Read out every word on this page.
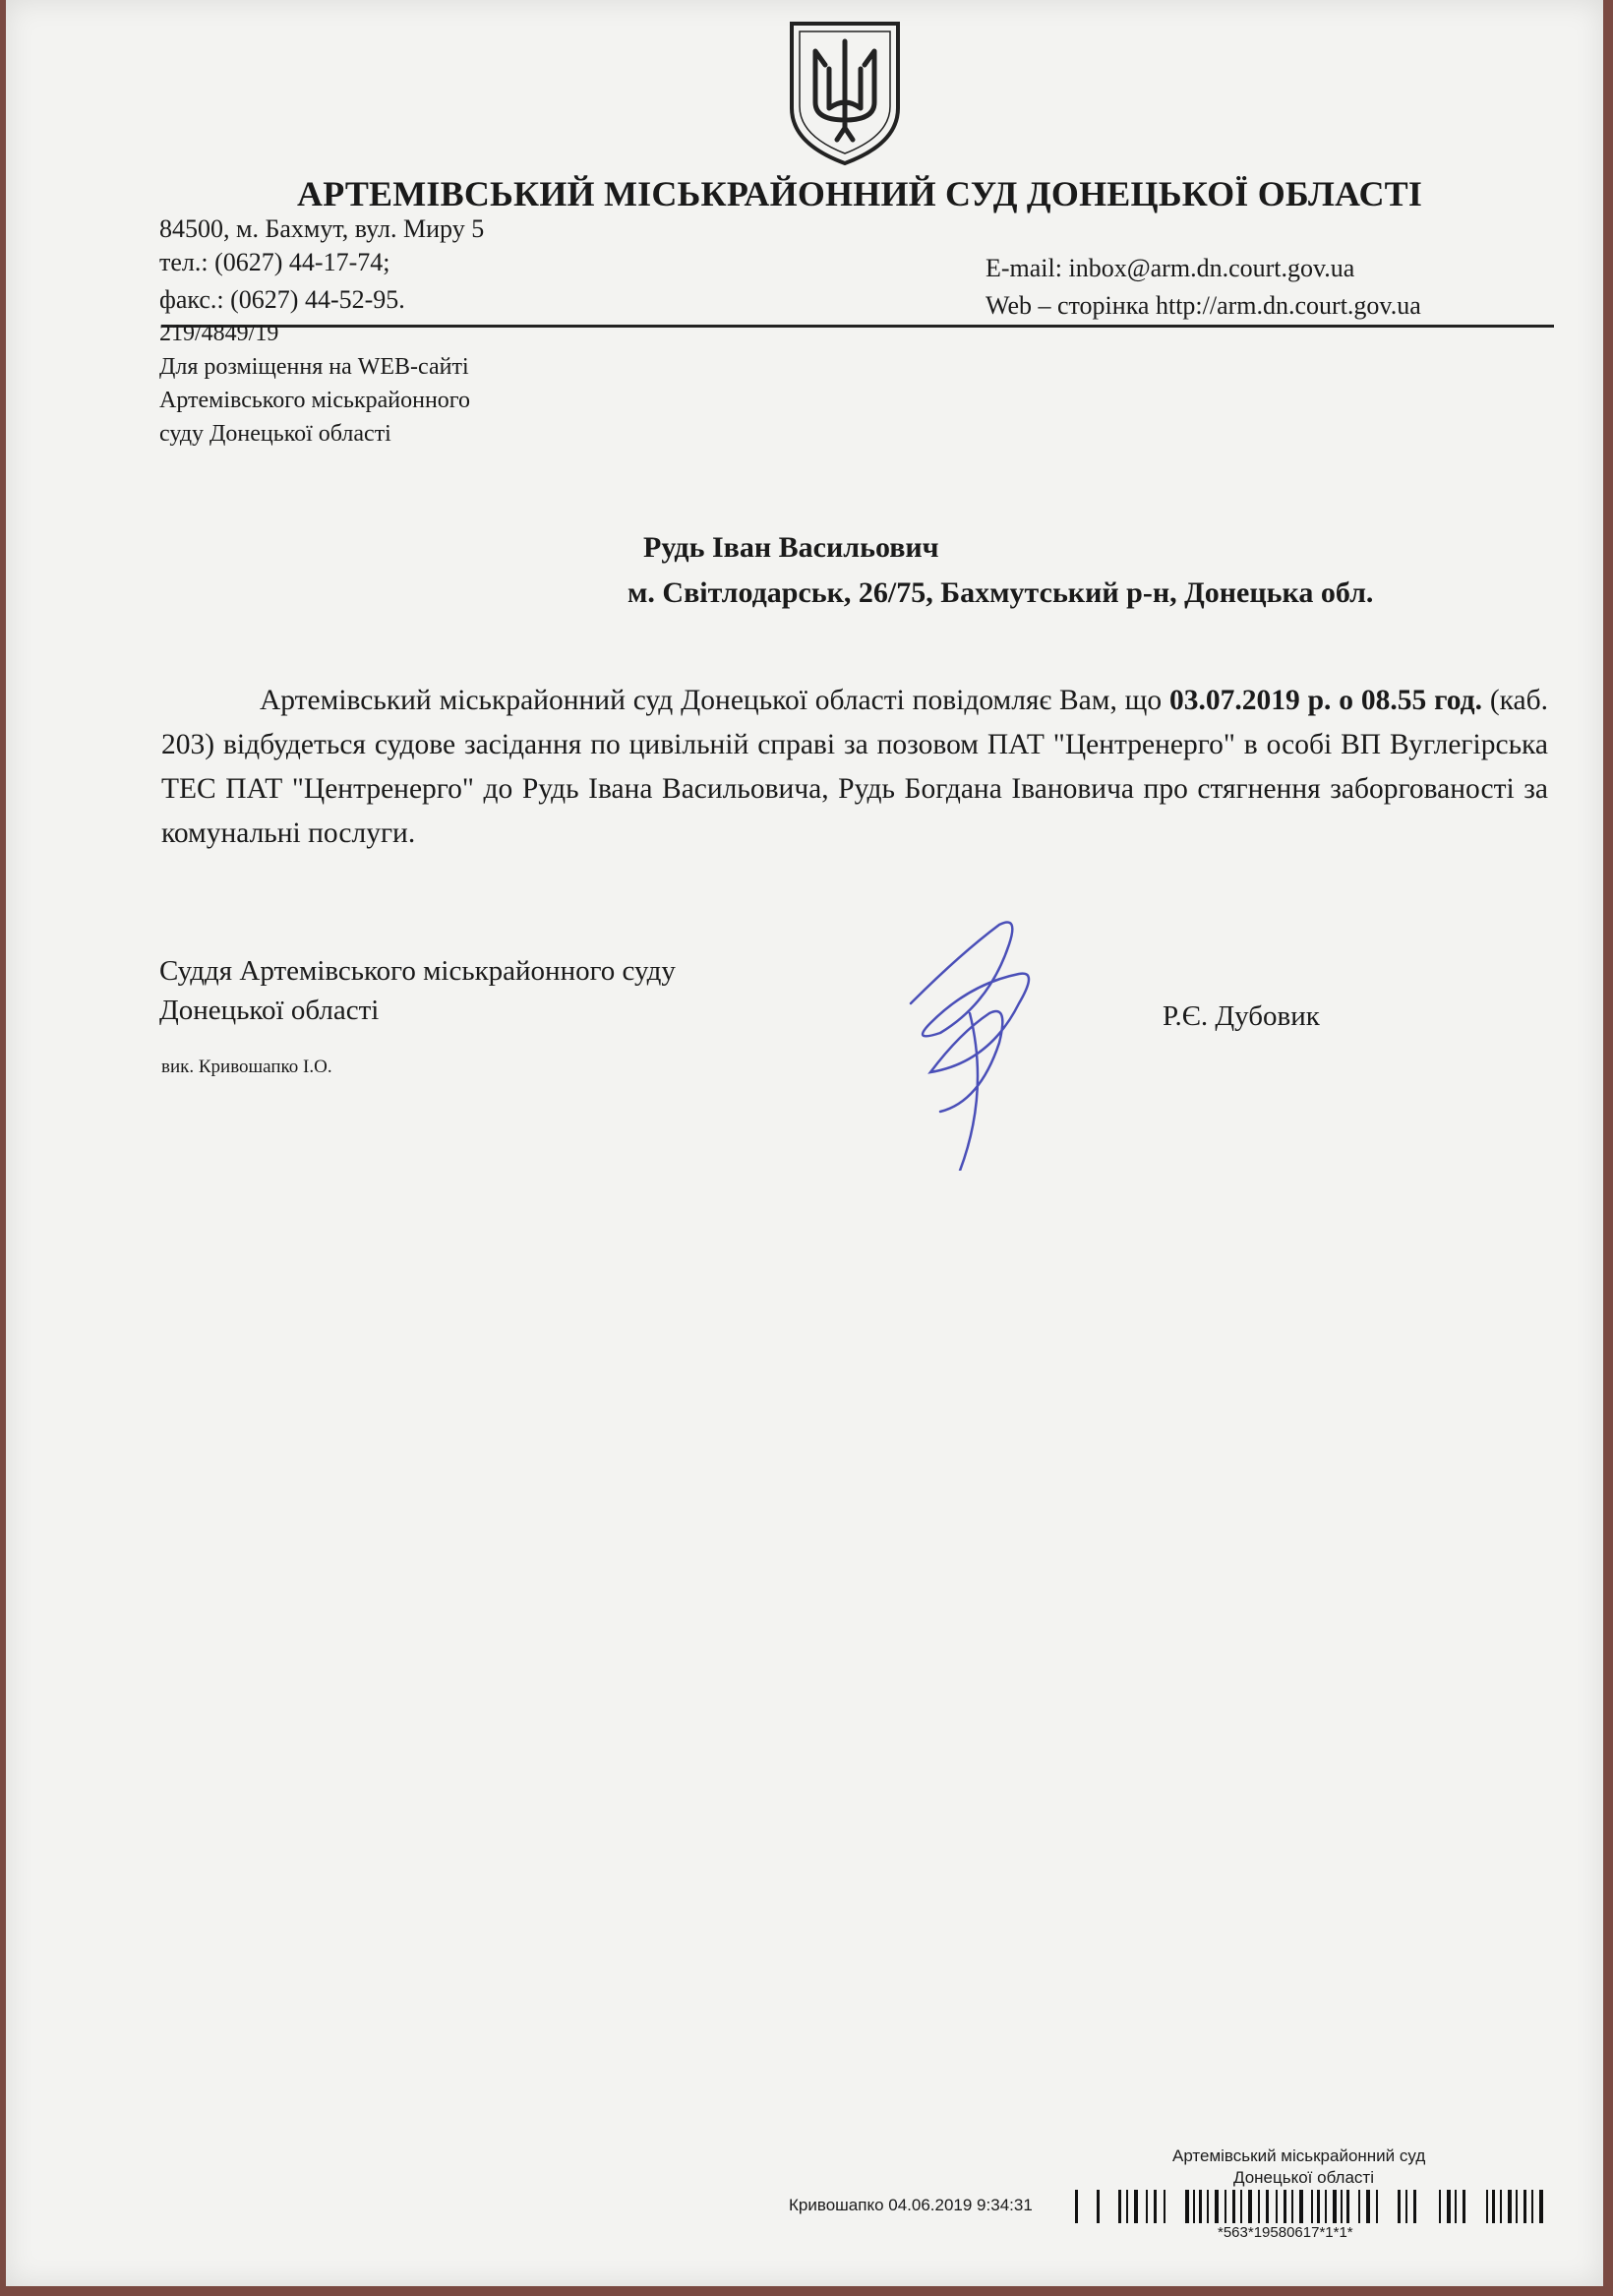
АРТЕМІВСЬКИЙ МІСЬКРАЙОННИЙ СУД ДОНЕЦЬКОЇ ОБЛАСТІ
84500, м. Бахмут, вул. Миру 5
тел.: (0627) 44-17-74;
факс.: (0627) 44-52-95.
E-mail: inbox@arm.dn.court.gov.ua
Web – сторінка http://arm.dn.court.gov.ua
219/4849/19
Для розміщення на WEB-сайті
Артемівського міськрайонного
суду Донецької області
Рудь Іван Васильович
м. Світлодарськ, 26/75, Бахмутський р-н, Донецька обл.
Артемівський міськрайонний суд Донецької області повідомляє Вам, що 03.07.2019 р. о 08.55 год. (каб. 203) відбудеться судове засідання по цивільній справі за позовом ПАТ "Центренерго" в особі ВП Вуглегірська ТЕС ПАТ "Центренерго" до Рудь Івана Васильовича, Рудь Богдана Івановича про стягнення заборгованості за комунальні послуги.
Суддя Артемівського міськрайонного суду
Донецької області	Р.Є. Дубовик
вик. Кривошапко І.О.
Артемівський міськрайонний суд
Донецької області
Кривошапко 04.06.2019 9:34:31
*563*19580617*1*1*
